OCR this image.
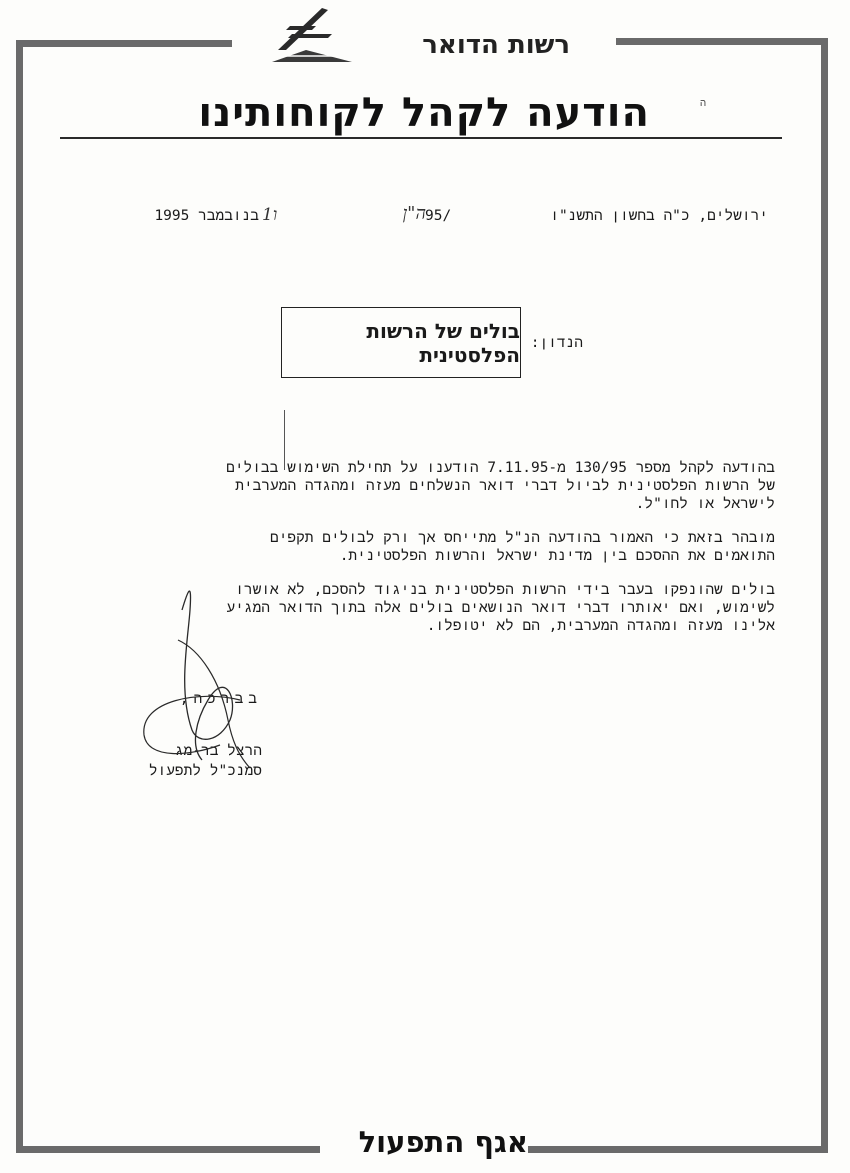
רשות הדואר
הודעה לקהל לקוחותינו	ה
ירושלים, כ"ה בחשון התשנ"ו
95/
ה"ן
בנובמבר 1995 1ו
הנדון:
בולים של הרשות הפלסטינית
בהודעה לקהל מספר 130/95 מ-7.11.95 הודענו על תחילת השימוש בבולים
של הרשות הפלסטינית לביול דברי דואר הנשלחים מעזה ומהגדה המערבית
לישראל או לחו"ל.
מובהר בזאת כי האמור בהודעה הנ"ל מתייחס אך ורק לבולים תקפים
התואמים את ההסכם בין מדינת ישראל והרשות הפלסטינית.
בולים שהונפקו בעבר בידי הרשות הפלסטינית בניגוד להסכם, לא אושרו
לשימוש, ואם יאותרו דברי דואר הנושאים בולים אלה בתוך הדואר המגיע
אלינו מעזה ומהגדה המערבית, הם לא יטופלו.
בברכה,
הרצל בר-מג
סמנכ"ל לתפעול
אגף התפעול
